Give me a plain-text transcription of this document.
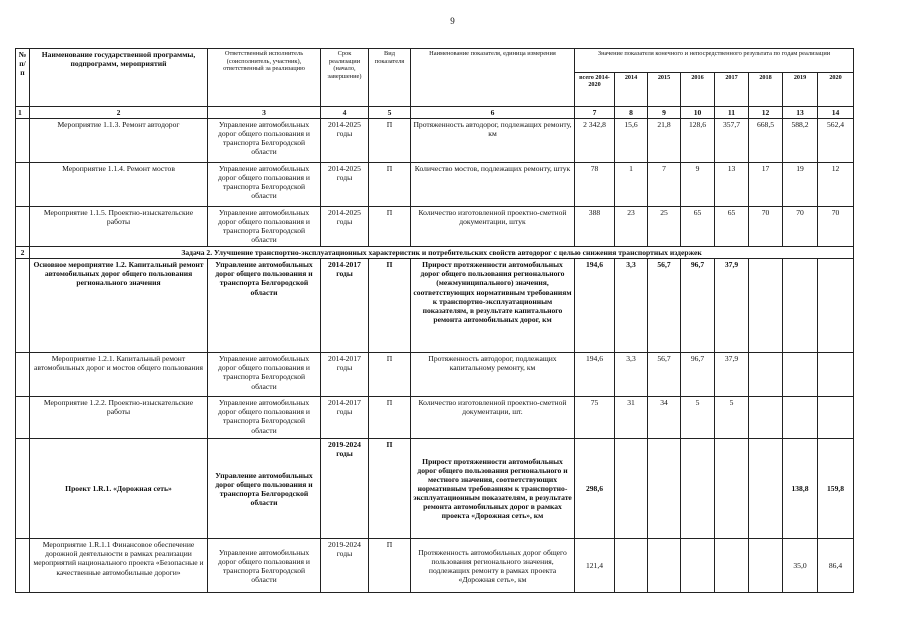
9
№
п/п	Наименование государственной программы, подпрограмм, мероприятий	Ответственный исполнитель (соисполнитель, участник), ответственный за реализацию	Срок реализации (начало, завершение)	Вид показателя	Наименование показателя, единица измерения	Значение показателя конечного и непосредственного результата по годам реализации							
						всего 2014-2020	2014	2015	2016	2017	2018	2019	2020
1	2	3	4	5	6	7	8	9	10	11	12	13	14
	Мероприятие 1.1.3. Ремонт автодорог	Управление автомобильных дорог общего пользования и транспорта Белгородской области	2014-2025 годы	П	Протяженность автодорог, подлежащих ремонту, км	2 342,8	15,6	21,8	128,6	357,7	668,5	588,2	562,4
	Мероприятие 1.1.4. Ремонт мостов	Управление автомобильных дорог общего пользования и транспорта Белгородской области	2014-2025 годы	П	Количество мостов, подлежащих ремонту, штук	78	1	7	9	13	17	19	12
	Мероприятие 1.1.5. Проектно-изыскательские работы	Управление автомобильных дорог общего пользования и транспорта Белгородской области	2014-2025 годы	П	Количество изготовленной проектно-сметной документации, штук	388	23	25	65	65	70	70	70
2	Задача 2. Улучшение транспортно-эксплуатационных характеристик и потребительских свойств автодорог с целью снижения транспортных издержек												
	Основное мероприятие 1.2. Капитальный ремонт автомобильных дорог общего пользования регионального значения	Управление автомобильных дорог общего пользования и транспорта Белгородской области	2014-2017 годы	П	Прирост протяженности автомобильных дорог общего пользования регионального (межмуниципального) значения, соответствующих нормативным требованиям к транспортно-эксплуатационным показателям, в результате капитального ремонта автомобильных дорог, км	194,6	3,3	56,7	96,7	37,9			
	Мероприятие 1.2.1. Капитальный ремонт автомобильных дорог и мостов общего пользования	Управление автомобильных дорог общего пользования и транспорта Белгородской области	2014-2017 годы	П	Протяженность автодорог, подлежащих капитальному ремонту, км	194,6	3,3	56,7	96,7	37,9			
	Мероприятие 1.2.2. Проектно-изыскательские работы	Управление автомобильных дорог общего пользования и транспорта Белгородской области	2014-2017 годы	П	Количество изготовленной проектно-сметной документации, шт.	75	31	34	5	5			
	Проект 1.R.1. «Дорожная сеть»	Управление автомобильных дорог общего пользования и транспорта Белгородской области	2019-2024 годы	П	Прирост протяженности автомобильных дорог общего пользования регионального и местного значения, соответствующих нормативным требованиям к транспортно-эксплуатационным показателям, в результате ремонта автомобильных дорог в рамках проекта «Дорожная сеть», км	298,6						138,8	159,8
	Мероприятие 1.R.1.1 Финансовое обеспечение дорожной деятельности в рамках реализации мероприятий национального проекта «Безопасные и качественные автомобильные дороги»	Управление автомобильных дорог общего пользования и транспорта Белгородской области	2019-2024 годы	П	Протяженность автомобильных дорог общего пользования регионального значения, подлежащих ремонту в рамках проекта «Дорожная сеть», км	121,4						35,0	86,4
